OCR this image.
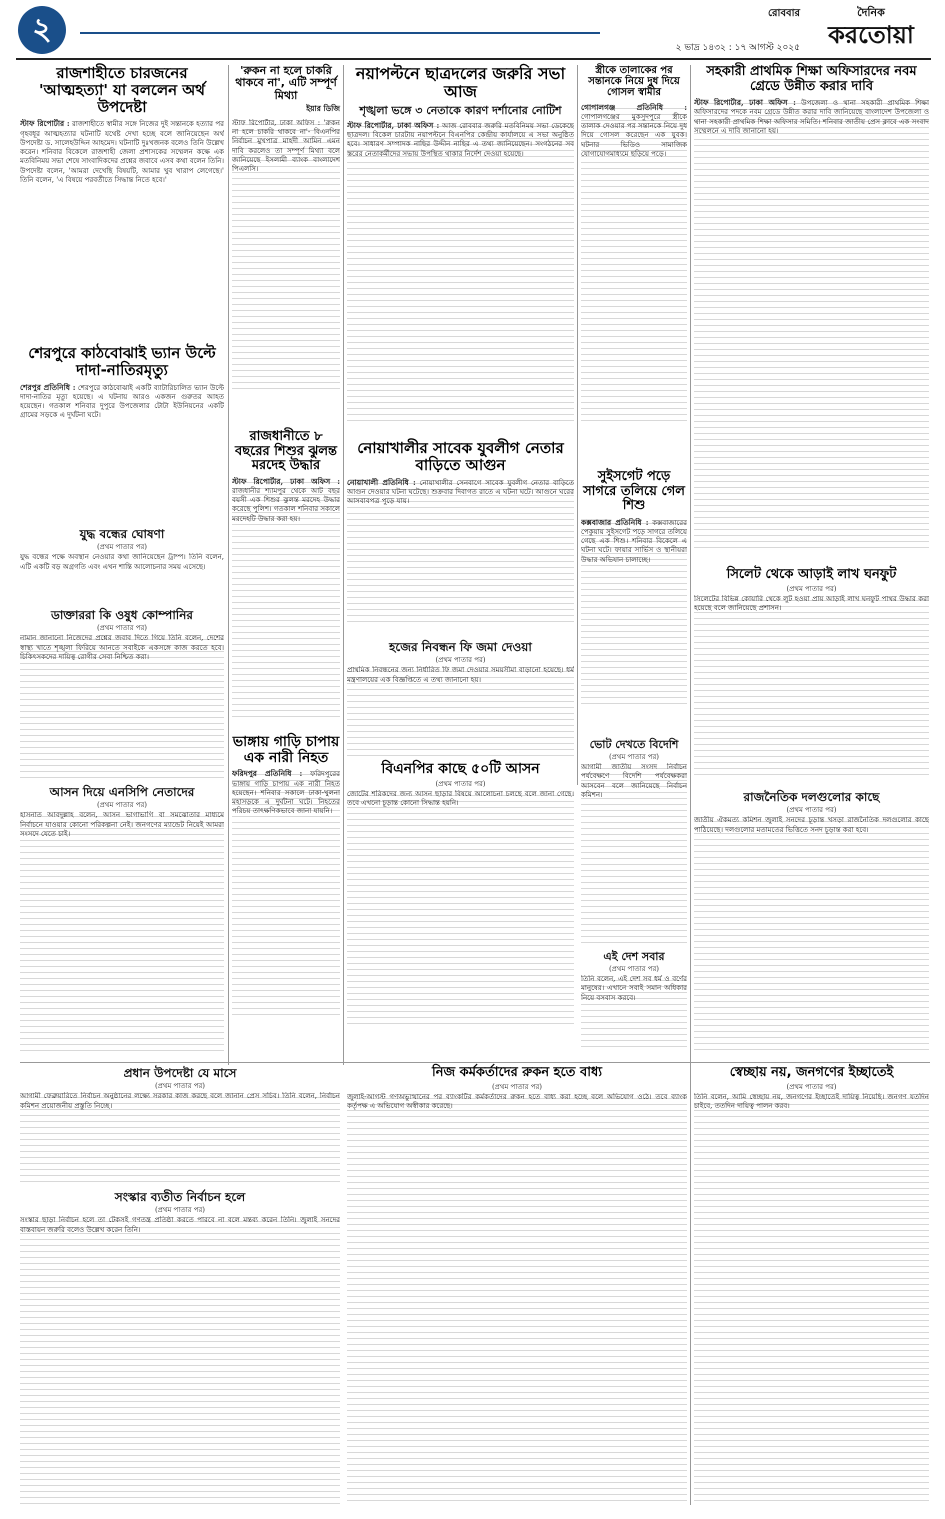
২	দৈনিক
করতোয়া
রোববার
২ ভাদ্র ১৪৩২ : ১৭ আগস্ট ২০২৫
রাজশাহীতে চারজনের 'আত্মহত্যা' যা বললেন অর্থ উপদেষ্টা
স্টাফ রিপোর্টার : রাজশাহীতে স্বামীর সঙ্গে নিজের দুই সন্তানকে হত্যার পর গৃহবধূর আত্মহত্যার ঘটনাটি যথেষ্ট দেখা হচ্ছে বলে জানিয়েছেন অর্থ উপদেষ্টা ড. সালেহউদ্দিন আহমেদ। ঘটনাটি দুঃখজনক বলেও তিনি উল্লেখ করেন। শনিবার বিকেলে রাজশাহী জেলা প্রশাসকের সম্মেলন কক্ষে এক মতবিনিময় সভা শেষে সাংবাদিকদের প্রশ্নের জবাবে এসব কথা বলেন তিনি। উপদেষ্টা বলেন, 'আমরা দেখেছি বিষয়টি, আমার খুব খারাপ লেগেছে।' তিনি বলেন, 'এ বিষয়ে পরবর্তীতে সিদ্ধান্ত নিতে হবে।'
শেরপুরে কাঠবোঝাই ভ্যান উল্টে দাদা-নাতিরমৃত্যু
শেরপুর প্রতিনিধি : শেরপুরে কাঠবোঝাই একটি ব্যাটারিচালিত ভ্যান উল্টে দাদা-নাতির মৃত্যু হয়েছে। এ ঘটনায় আরও একজন গুরুতর আহত হয়েছেন। গতকাল শনিবার দুপুরে উপজেলার টোটা ইউনিয়নের একটি গ্রামের সড়কে এ দুর্ঘটনা ঘটে।
যুদ্ধ বন্ধের ঘোষণা
(প্রথম পাতার পর)
যুদ্ধ বন্ধের পক্ষে অবস্থান নেওয়ার কথা জানিয়েছেন ট্রাম্প। তিনি বলেন, এটি একটি বড় অগ্রগতি এবং এখন শান্তি আলোচনার সময় এসেছে।
ডাক্তাররা কি ওষুধ কোম্পানির
(প্রথম পাতার পর)
নামান জানানো নিজেদের প্রশ্নের জবাব দিতে গিয়ে তিনি বলেন, দেশের স্বাস্থ্য খাতে শৃঙ্খলা ফিরিয়ে আনতে সবাইকে একসঙ্গে কাজ করতে হবে। চিকিৎসকদের দায়িত্ব রোগীর সেবা নিশ্চিত করা।
আসন দিয়ে এনসিপি নেতাদের
(প্রথম পাতার পর)
হাসনাত আবদুল্লাহ বলেন, আসন ভাগাভাগি বা সমঝোতার মাধ্যমে নির্বাচনে যাওয়ার কোনো পরিকল্পনা নেই। জনগণের ম্যান্ডেট নিয়েই আমরা সংসদে যেতে চাই।
'রুকন না হলে চাকরি থাকবে না', এটি সম্পূর্ণ মিথ্যা
ইয়ার ডিজি
স্টাফ রিপোর্টার, ঢাকা অফিস : 'রুকন না হলে চাকরি থাকবে না'- বিএনপির নির্বাচন মুখপাত্র মাহদী আমিন এমন দাবি করলেও তা সম্পূর্ণ মিথ্যা বলে জানিয়েছে ইসলামী ব্যাংক বাংলাদেশ পিএলসি।
রাজধানীতে ৮ বছরের শিশুর ঝুলন্ত মরদেহ উদ্ধার
স্টাফ রিপোর্টার, ঢাকা অফিস : রাজধানীর শ্যামপুর থেকে আট বছর বয়সী এক শিশুর ঝুলন্ত মরদেহ উদ্ধার করেছে পুলিশ। গতকাল শনিবার সকালে মরদেহটি উদ্ধার করা হয়।
ভাঙ্গায় গাড়ি চাপায় এক নারী নিহত
ফরিদপুর প্রতিনিধি : ফরিদপুরের ভাঙ্গায় গাড়ি চাপায় এক নারী নিহত হয়েছেন। শনিবার সকালে ঢাকা-খুলনা মহাসড়কে এ দুর্ঘটনা ঘটে। নিহতের পরিচয় তাৎক্ষণিকভাবে জানা যায়নি।
নয়াপল্টনে ছাত্রদলের জরুরি সভা আজ
শৃঙ্খলা ভঙ্গে ৩ নেতাকে কারণ দর্শানোর নোটিশ
স্টাফ রিপোর্টার, ঢাকা অফিস : আজ রোববার জরুরি মতবিনিময় সভা ডেকেছে ছাত্রদল। বিকেল চারটায় নয়াপল্টনে বিএনপির কেন্দ্রীয় কার্যালয়ে এ সভা অনুষ্ঠিত হবে। সাধারণ সম্পাদক নাছির উদ্দীন নাছির এ তথ্য জানিয়েছেন। সংগঠনের সব স্তরের নেতাকর্মীদের সভায় উপস্থিত থাকার নির্দেশ দেওয়া হয়েছে।
নোয়াখালীর সাবেক যুবলীগ নেতার বাড়িতে আগুন
নোয়াখালী প্রতিনিধি : নোয়াখালীর সেনবাগে সাবেক যুবলীগ নেতার বাড়িতে আগুন দেওয়ার ঘটনা ঘটেছে। শুক্রবার দিবাগত রাতে এ ঘটনা ঘটে। আগুনে ঘরের আসবাবপত্র পুড়ে যায়।
হজের নিবন্ধন ফি জমা দেওয়া
(প্রথম পাতার পর)
প্রাথমিক নিবন্ধনের জন্য নির্ধারিত ফি জমা দেওয়ার সময়সীমা বাড়ানো হয়েছে। ধর্ম মন্ত্রণালয়ের এক বিজ্ঞপ্তিতে এ তথ্য জানানো হয়।
বিএনপির কাছে ৫০টি আসন
(প্রথম পাতার পর)
জোটের শরিকদের জন্য আসন ছাড়ার বিষয়ে আলোচনা চলছে বলে জানা গেছে। তবে এখনো চূড়ান্ত কোনো সিদ্ধান্ত হয়নি।
স্ত্রীকে তালাকের পর সন্তানকে নিয়ে দুধ দিয়ে গোসল স্বামীর
গোপালগঞ্জ প্রতিনিধি : গোপালগঞ্জের মুকসুদপুরে স্ত্রীকে তালাক দেওয়ার পর সন্তানকে নিয়ে দুধ দিয়ে গোসল করেছেন এক যুবক। ঘটনার ভিডিও সামাজিক যোগাযোগমাধ্যমে ছড়িয়ে পড়ে।
সুইসগেট পড়ে সাগরে তলিয়ে গেল শিশু
কক্সবাজার প্রতিনিধি : কক্সবাজারের পেকুয়ায় সুইসগেট পড়ে সাগরে তলিয়ে গেছে এক শিশু। শনিবার বিকেলে এ ঘটনা ঘটে। ফায়ার সার্ভিস ও স্থানীয়রা উদ্ধার অভিযান চালাচ্ছে।
ভোট দেখতে বিদেশি
(প্রথম পাতার পর)
আগামী জাতীয় সংসদ নির্বাচন পর্যবেক্ষণে বিদেশি পর্যবেক্ষকরা আসবেন বলে জানিয়েছে নির্বাচন কমিশন।
এই দেশ সবার
(প্রথম পাতার পর)
তিনি বলেন, এই দেশ সব ধর্ম ও বর্ণের মানুষের। এখানে সবাই সমান অধিকার নিয়ে বসবাস করবে।
সহকারী প্রাথমিক শিক্ষা অফিসারদের নবম গ্রেডে উন্নীত করার দাবি
স্টাফ রিপোর্টার, ঢাকা অফিস : উপজেলা ও থানা সহকারী প্রাথমিক শিক্ষা অফিসারদের পদকে নবম গ্রেডে উন্নীত করার দাবি জানিয়েছে বাংলাদেশ উপজেলা ও থানা সহকারী প্রাথমিক শিক্ষা অফিসার সমিতি। শনিবার জাতীয় প্রেস ক্লাবে এক সংবাদ সম্মেলনে এ দাবি জানানো হয়।
সিলেট থেকে আড়াই লাখ ঘনফুট
(প্রথম পাতার পর)
সিলেটের বিভিন্ন কোয়ারি থেকে লুট হওয়া প্রায় আড়াই লাখ ঘনফুট পাথর উদ্ধার করা হয়েছে বলে জানিয়েছে প্রশাসন।
রাজনৈতিক দলগুলোর কাছে
(প্রথম পাতার পর)
জাতীয় ঐকমত্য কমিশন জুলাই সনদের চূড়ান্ত খসড়া রাজনৈতিক দলগুলোর কাছে পাঠিয়েছে। দলগুলোর মতামতের ভিত্তিতে সনদ চূড়ান্ত করা হবে।
প্রধান উপদেষ্টা যে মাসে
(প্রথম পাতার পর)
আগামী ফেব্রুয়ারিতে নির্বাচন অনুষ্ঠানের লক্ষ্যে সরকার কাজ করছে বলে জানান প্রেস সচিব। তিনি বলেন, নির্বাচন কমিশন প্রয়োজনীয় প্রস্তুতি নিচ্ছে।
সংস্কার ব্যতীত নির্বাচন হলে
(প্রথম পাতার পর)
সংস্কার ছাড়া নির্বাচন হলে তা টেকসই গণতন্ত্র প্রতিষ্ঠা করতে পারবে না বলে মন্তব্য করেন তিনি। জুলাই সনদের বাস্তবায়ন জরুরি বলেও উল্লেখ করেন তিনি।
নিজ কর্মকর্তাদের রুকন হতে বাধ্য
(প্রথম পাতার পর)
জুলাই-আগস্ট গণঅভ্যুত্থানের পর ব্যাংকটির কর্মকর্তাদের রুকন হতে বাধ্য করা হচ্ছে বলে অভিযোগ ওঠে। তবে ব্যাংক কর্তৃপক্ষ এ অভিযোগ অস্বীকার করেছে।
স্বেচ্ছায় নয়, জনগণের ইচ্ছাতেই
(প্রথম পাতার পর)
তিনি বলেন, আমি স্বেচ্ছায় নয়, জনগণের ইচ্ছাতেই দায়িত্ব নিয়েছি। জনগণ যতদিন চাইবে, ততদিন দায়িত্ব পালন করব।
